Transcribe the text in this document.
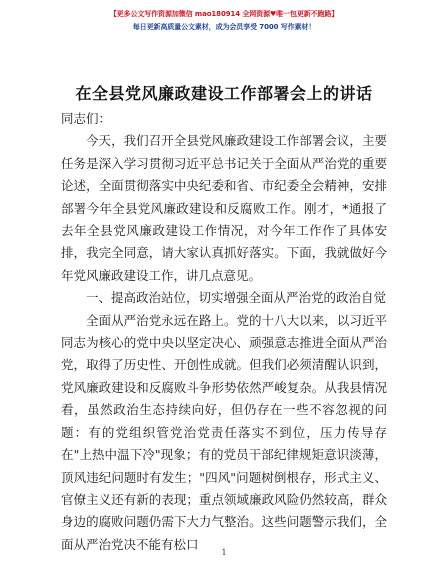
【更多公文写作资源加微信 mao180914 全网资源♥唯一包更新不跑路】
每日更新高质量公文素材，成为会员享受 7000 写作素材！
在全县党风廉政建设工作部署会上的讲话

同志们：

今天，我们召开全县党风廉政建设工作部署会议，主要任务是深入学习贯彻习近平总书记关于全面从严治党的重要论述，全面贯彻落实中央纪委和省、市纪委全会精神，安排部署今年全县党风廉政建设和反腐败工作。刚才，*通报了去年全县党风廉政建设工作情况，对今年工作作了具体安排，我完全同意，请大家认真抓好落实。下面，我就做好今年党风廉政建设工作，讲几点意见。

一、提高政治站位，切实增强全面从严治党的政治自觉

全面从严治党永远在路上。党的十八大以来，以习近平同志为核心的党中央以坚定决心、顽强意志推进全面从严治党，取得了历史性、开创性成就。但我们必须清醒认识到，党风廉政建设和反腐败斗争形势依然严峻复杂。从我县情况看，虽然政治生态持续向好，但仍存在一些不容忽视的问题：有的党组织管党治党责任落实不到位，压力传导存在"上热中温下冷"现象；有的党员干部纪律规矩意识淡薄，顶风违纪问题时有发生；"四风"问题树倒根存，形式主义、官僚主义还有新的表现；重点领域廉政风险仍然较高，群众身边的腐败问题仍需下大力气整治。这些问题警示我们，全面从严治党决不能有松口

1
